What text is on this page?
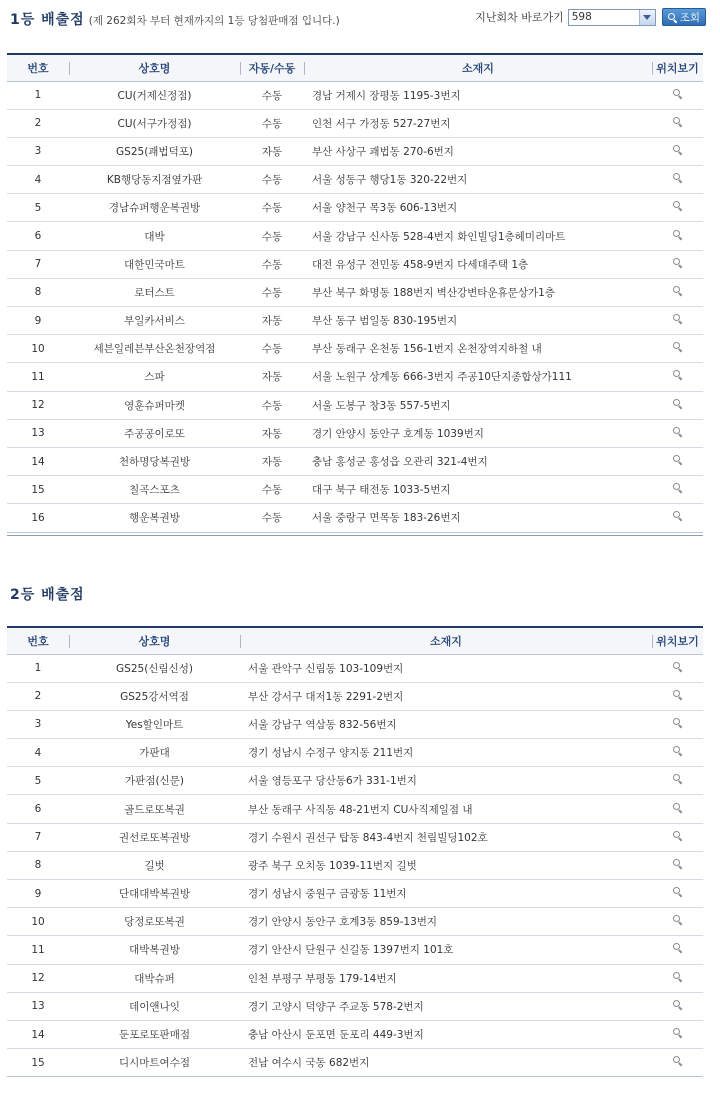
1등 배출점 (제 262회차 부터 현재까지의 1등 당첨판매점 입니다.)	지난회차 바로가기 598	조회
번호	상호명	자동/수동	소재지	위치보기
1	CU(거제신정점)	수동	경남 거제시 장평동 1195-3번지	

2	CU(서구가정점)	수동	인천 서구 가정동 527-27번지	

3	GS25(괘법덕포)	자동	부산 사상구 괘법동 270-6번지	

4	KB행당동지점옆가판	수동	서울 성동구 행당1동 320-22번지	

5	경남슈퍼행운복권방	수동	서울 양천구 목3동 606-13번지	

6	대박	수동	서울 강남구 신사동 528-4번지 화인빌딩1층헤미리마트	

7	대한민국마트	수동	대전 유성구 전민동 458-9번지 다세대주택 1층	

8	로터스트	수동	부산 북구 화명동 188번지 벽산강변타운휴문상가1층	

9	부일카서비스	자동	부산 동구 범일동 830-195번지	

10	세븐일레븐부산온천장역점	수동	부산 동래구 온천동 156-1번지 온천장역지하철 내	

11	스파	자동	서울 노원구 상계동 666-3번지 주공10단지종합상가111	

12	영훈슈퍼마켓	수동	서울 도봉구 창3동 557-5번지	

13	주공공이로또	자동	경기 안양시 동안구 호계동 1039번지	

14	천하명당복권방	자동	충남 홍성군 홍성읍 오관리 321-4번지	

15	칠곡스포츠	수동	대구 북구 태전동 1033-5번지	

16	행운복권방	수동	서울 중랑구 면목동 183-26번지	
2등 배출점
번호	상호명	소재지	위치보기
1	GS25(신림신성)	서울 관악구 신림동 103-109번지	

2	GS25강서역점	부산 강서구 대저1동 2291-2번지	

3	Yes할인마트	서울 강남구 역삼동 832-56번지	

4	가판대	경기 성남시 수정구 양지동 211번지	

5	가판점(신문)	서울 영등포구 당산동6가 331-1번지	

6	골드로또복권	부산 동래구 사직동 48-21번지 CU사직제일점 내	

7	권선로또복권방	경기 수원시 권선구 탑동 843-4번지 천림빌딩102호	

8	길벗	광주 북구 오치동 1039-11번지 길벗	

9	단대대박복권방	경기 성남시 중원구 금광동 11번지	

10	당정로또복권	경기 안양시 동안구 호계3동 859-13번지	

11	대박복권방	경기 안산시 단원구 신길동 1397번지 101호	

12	대박슈퍼	인천 부평구 부평동 179-14번지	

13	데이앤나잇	경기 고양시 덕양구 주교동 578-2번지	

14	둔포로또판매점	충남 아산시 둔포면 둔포리 449-3번지	

15	디시마트여수점	전남 여수시 국동 682번지	
